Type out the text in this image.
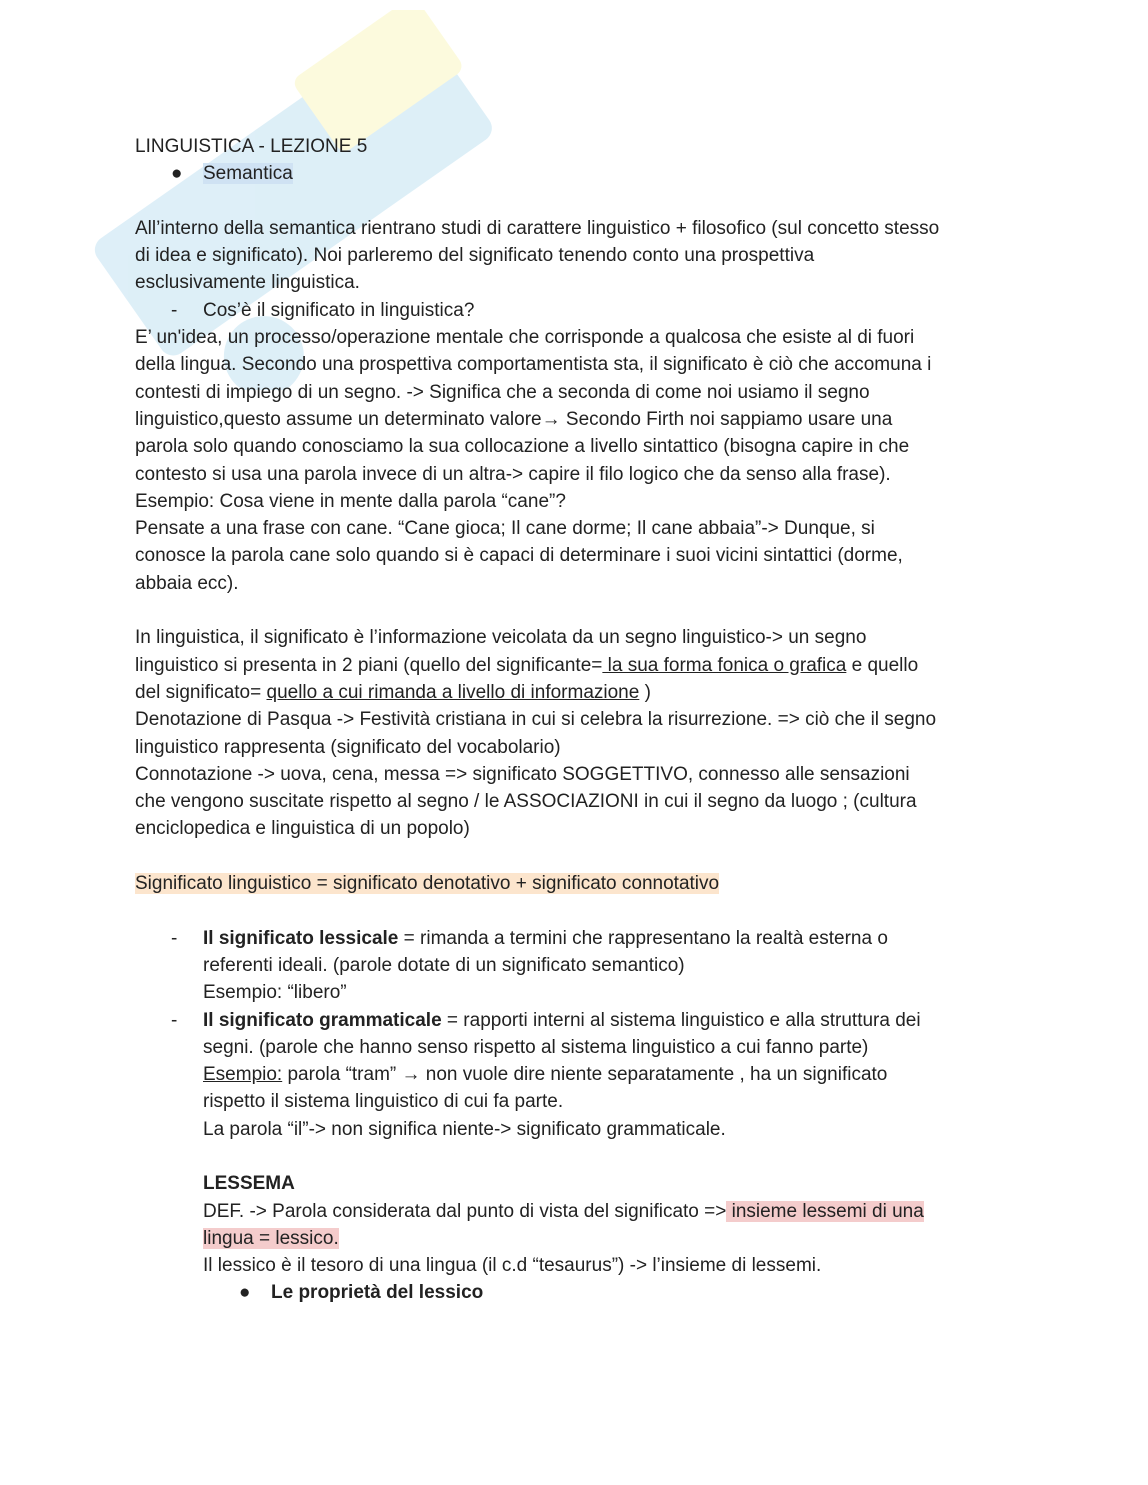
LINGUISTICA - LEZIONE 5

● Semantica

All’interno della semantica rientrano studi di carattere linguistico + filosofico (sul concetto stesso

di idea e significato). Noi parleremo del significato tenendo conto una prospettiva

esclusivamente linguistica.

- Cos’è il significato in linguistica?

E’ un'idea, un processo/operazione mentale che corrisponde a qualcosa che esiste al di fuori

della lingua. Secondo una prospettiva comportamentista sta, il significato è ciò che accomuna i

contesti di impiego di un segno. -> Significa che a seconda di come noi usiamo il segno

linguistico,questo assume un determinato valore→ Secondo Firth noi sappiamo usare una

parola solo quando conosciamo la sua collocazione a livello sintattico (bisogna capire in che

contesto si usa una parola invece di un altra-> capire il filo logico che da senso alla frase).

Esempio: Cosa viene in mente dalla parola “cane”?

Pensate a una frase con cane. “Cane gioca; Il cane dorme; Il cane abbaia”-> Dunque, si

conosce la parola cane solo quando si è capaci di determinare i suoi vicini sintattici (dorme,

abbaia ecc).

In linguistica, il significato è l’informazione veicolata da un segno linguistico-> un segno

linguistico si presenta in 2 piani (quello del significante= la sua forma fonica o grafica e quello

del significato= quello a cui rimanda a livello di informazione )

Denotazione di Pasqua -> Festività cristiana in cui si celebra la risurrezione. => ciò che il segno

linguistico rappresenta (significato del vocabolario)

Connotazione -> uova, cena, messa => significato SOGGETTIVO, connesso alle sensazioni

che vengono suscitate rispetto al segno / le ASSOCIAZIONI in cui il segno da luogo ; (cultura

enciclopedica e linguistica di un popolo)

Significato linguistico = significato denotativo + significato connotativo

- Il significato lessicale = rimanda a termini che rappresentano la realtà esterna o

referenti ideali. (parole dotate di un significato semantico)

Esempio: “libero”

- Il significato grammaticale = rapporti interni al sistema linguistico e alla struttura dei

segni. (parole che hanno senso rispetto al sistema linguistico a cui fanno parte)

Esempio: parola “tram” → non vuole dire niente separatamente , ha un significato

rispetto il sistema linguistico di cui fa parte.

La parola “il”-> non significa niente-> significato grammaticale.

LESSEMA

DEF. -> Parola considerata dal punto di vista del significato => insieme lessemi di una

lingua = lessico.

Il lessico è il tesoro di una lingua (il c.d “tesaurus”) -> l’insieme di lessemi.

● Le proprietà del lessico
